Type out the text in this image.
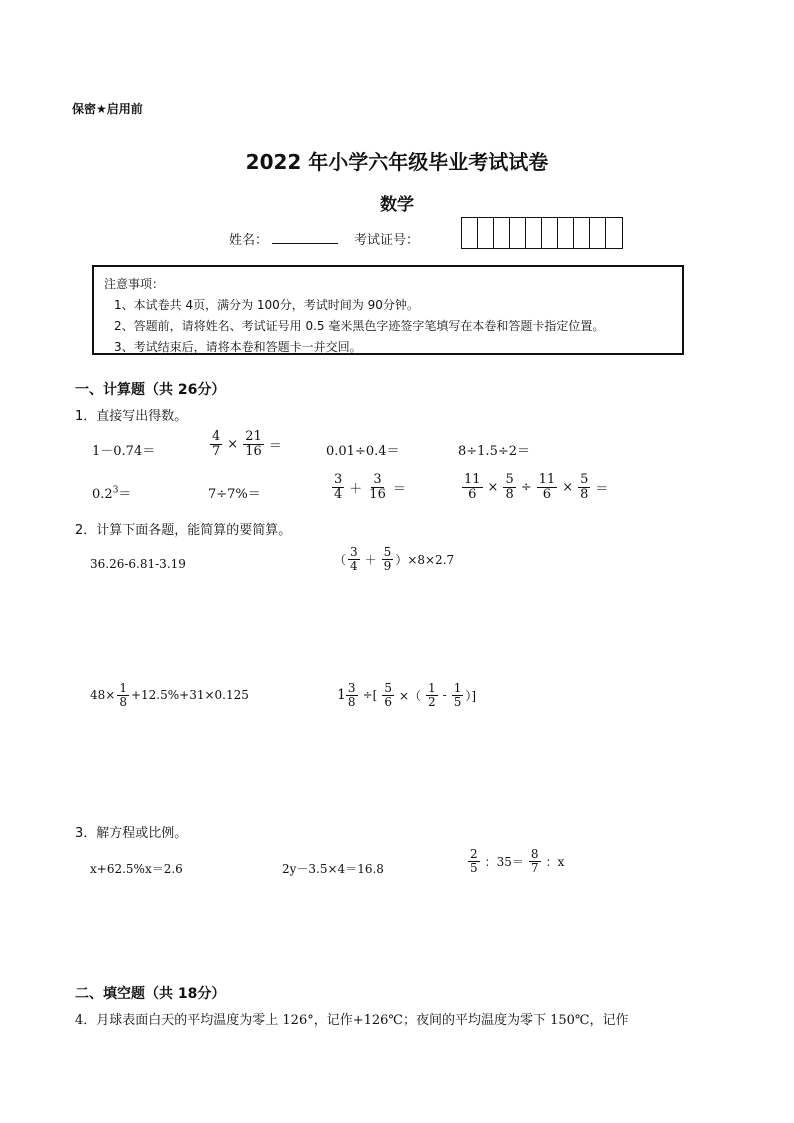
保密★启用前
2022 年小学六年级毕业考试试卷
数学
姓名：	考试证号：
注意事项：
1、本试卷共 4页，满分为 100分，考试时间为 90分钟。
2、答题前，请将姓名、考试证号用 0.5 毫米黑色字迹签字笔填写在本卷和答题卡指定位置。
3、考试结束后，请将本卷和答题卡一并交回。
一、计算题（共 26分）
1．直接写出得数。
1－0.74＝	$\frac{4}{7} \times \frac{21}{16}$ ＝	0.01÷0.4＝	8÷1.5÷2＝
$0.2^3=$	7÷7%＝	$\frac{3}{4} + \frac{3}{16}$ ＝	$\frac{11}{6} \times \frac{5}{8} \div \frac{11}{6} \times \frac{5}{8}$ ＝
2．计算下面各题，能简算的要简算。
36.26-6.81-3.19	（ $\frac{3}{4} + \frac{5}{9} )\times 8\times 2.7$
$48\times \frac{1}{8} +12.5\%+31\times 0.125$	$1 \frac{3}{8}$ ÷[ $\frac{5}{6}$ ×（ $\frac{1}{2} - \frac{1}{5}$ ）]
3．解方程或比例。
x+62.5%x＝2.6	2y－3.5×4＝16.8	$\frac{2}{5}$ ：$35= \frac{8}{7}$ ：x
二、填空题（共 18分）
4．月球表面白天的平均温度为零上 126°，记作+126℃；夜间的平均温度为零下 150℃，记作
